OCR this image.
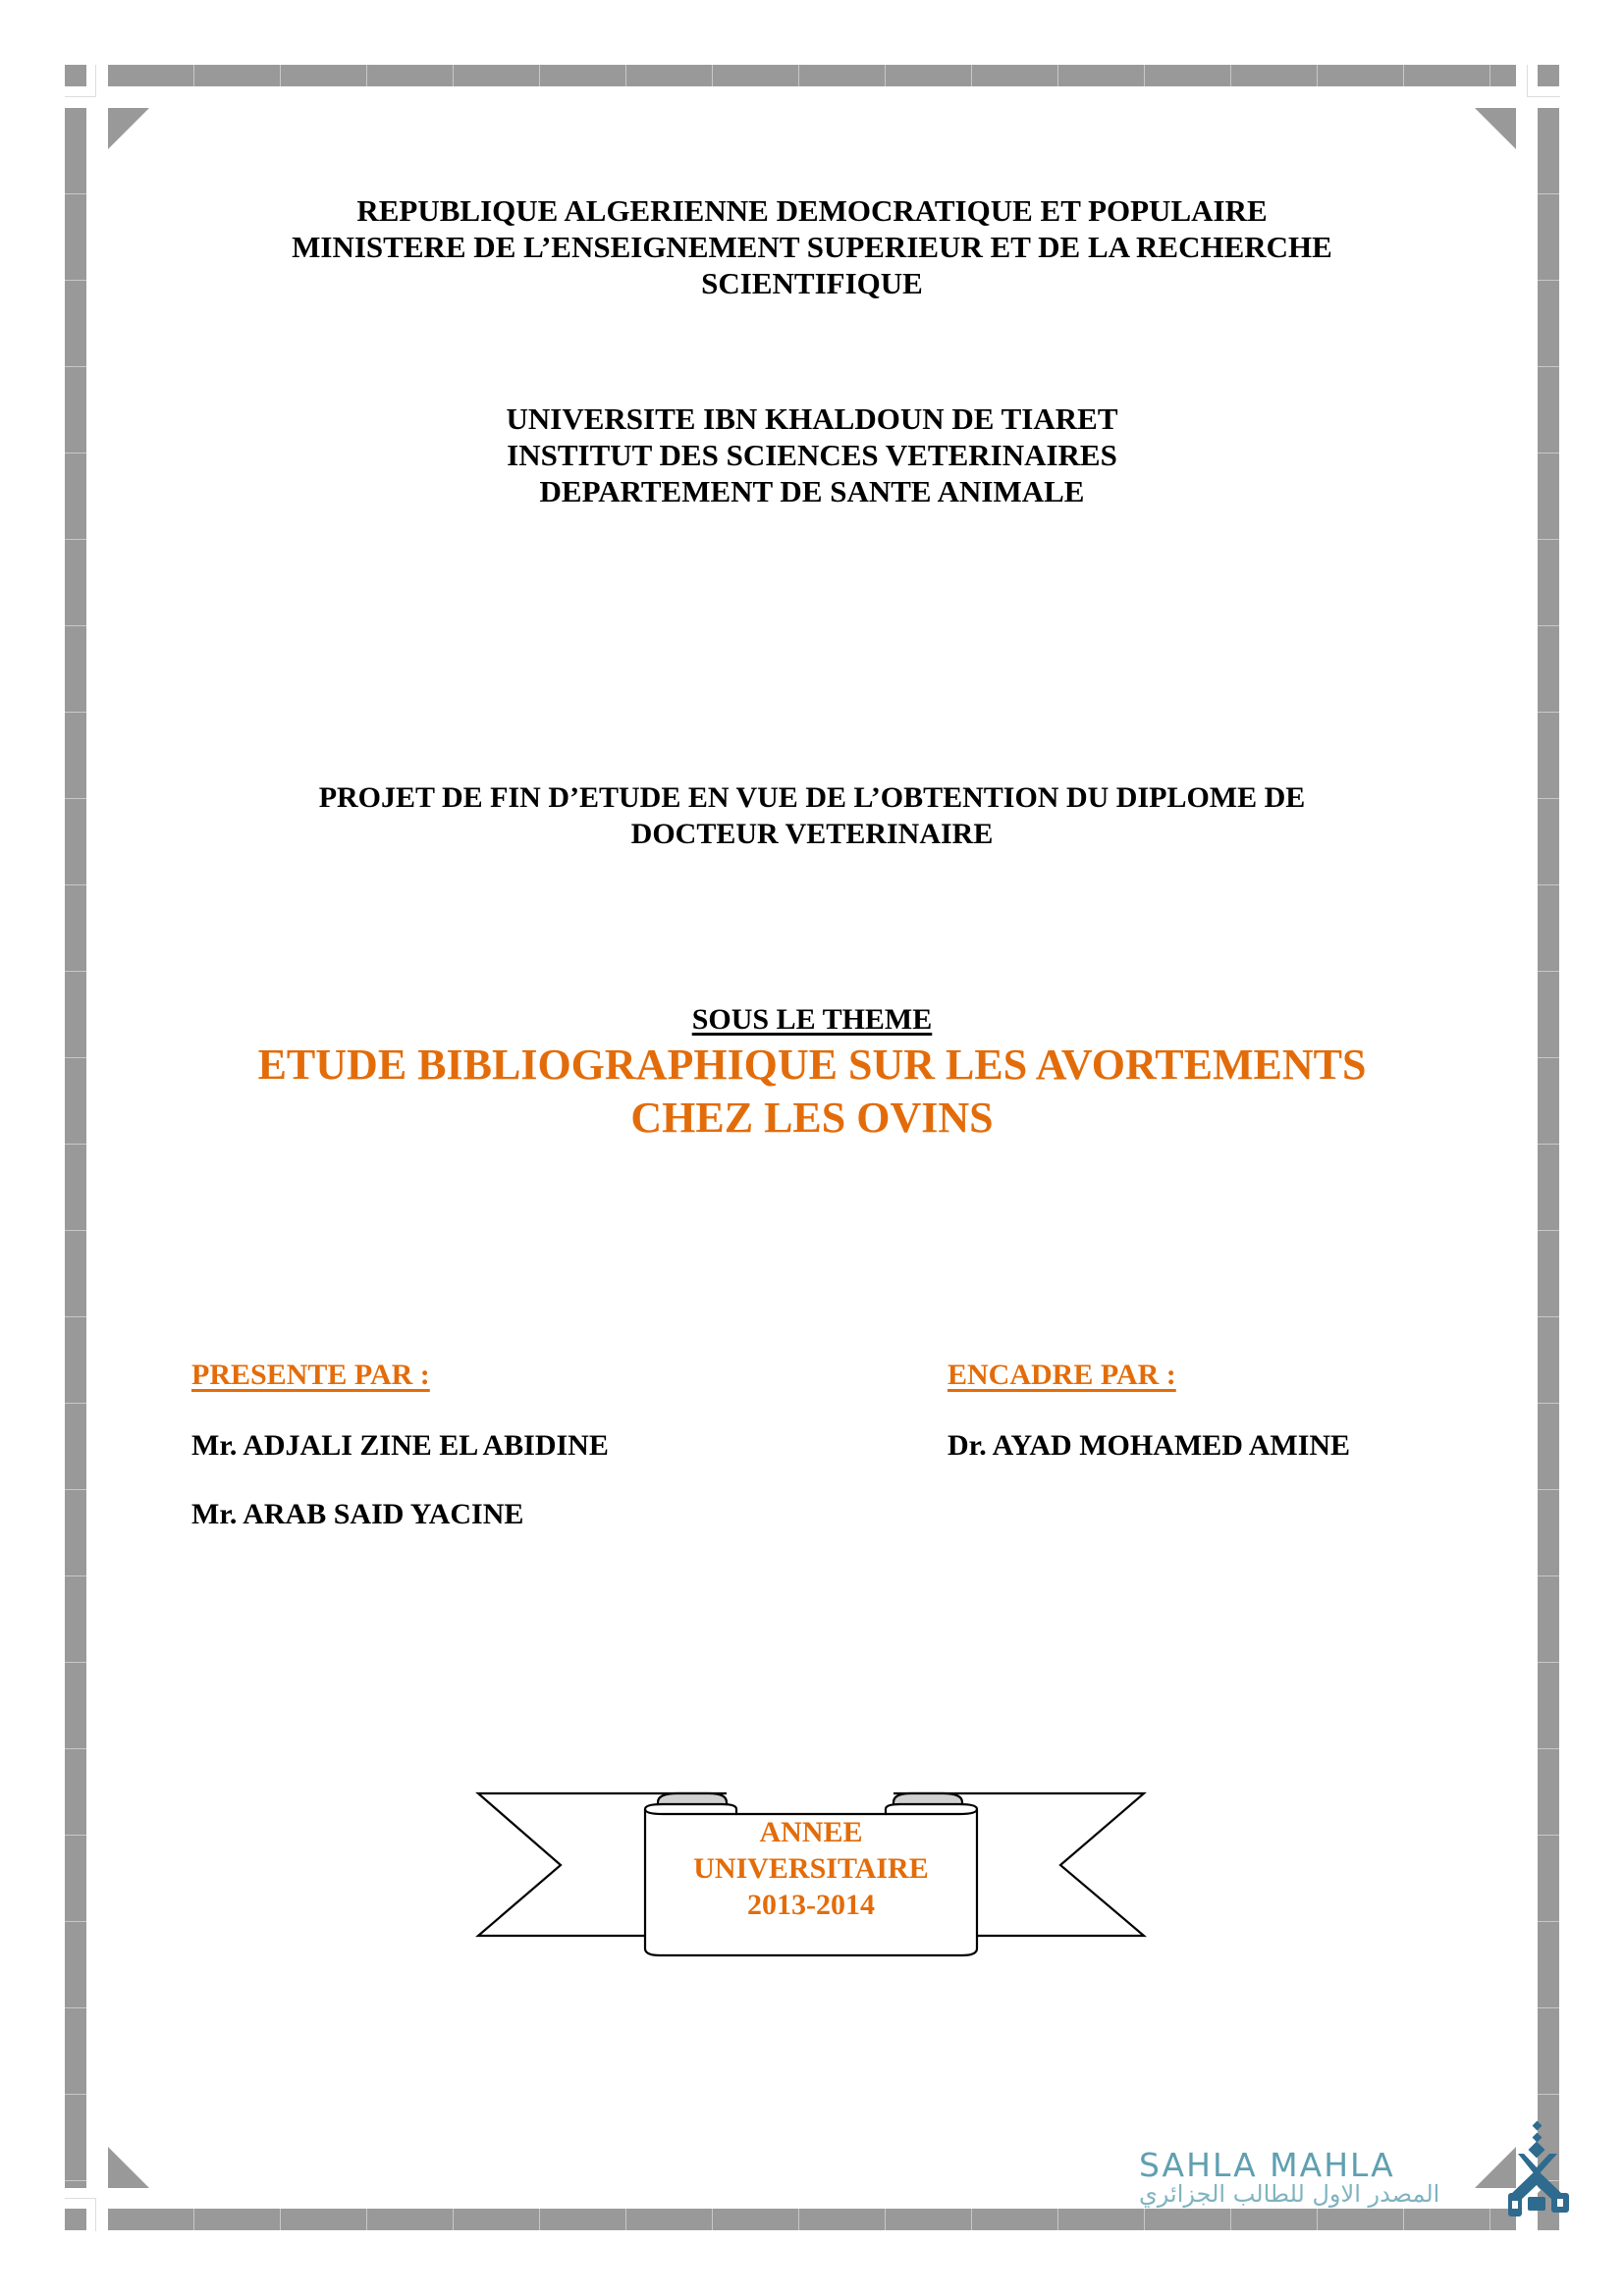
REPUBLIQUE ALGERIENNE DEMOCRATIQUE ET POPULAIRE
MINISTERE DE L’ENSEIGNEMENT SUPERIEUR ET DE LA RECHERCHE
SCIENTIFIQUE
UNIVERSITE IBN KHALDOUN DE TIARET
INSTITUT DES SCIENCES VETERINAIRES
DEPARTEMENT DE SANTE ANIMALE
PROJET DE FIN D’ETUDE EN VUE DE L’OBTENTION DU DIPLOME DE
DOCTEUR VETERINAIRE
SOUS LE THEME
ETUDE BIBLIOGRAPHIQUE SUR LES AVORTEMENTS
CHEZ LES OVINS
PRESENTE PAR :
Mr. ADJALI ZINE EL ABIDINE
Mr. ARAB SAID YACINE
ENCADRE PAR :
Dr. AYAD MOHAMED AMINE
ANNEE
UNIVERSITAIRE
2013-2014
SAHLA MAHLA
المصدر الاول للطالب الجزائري
